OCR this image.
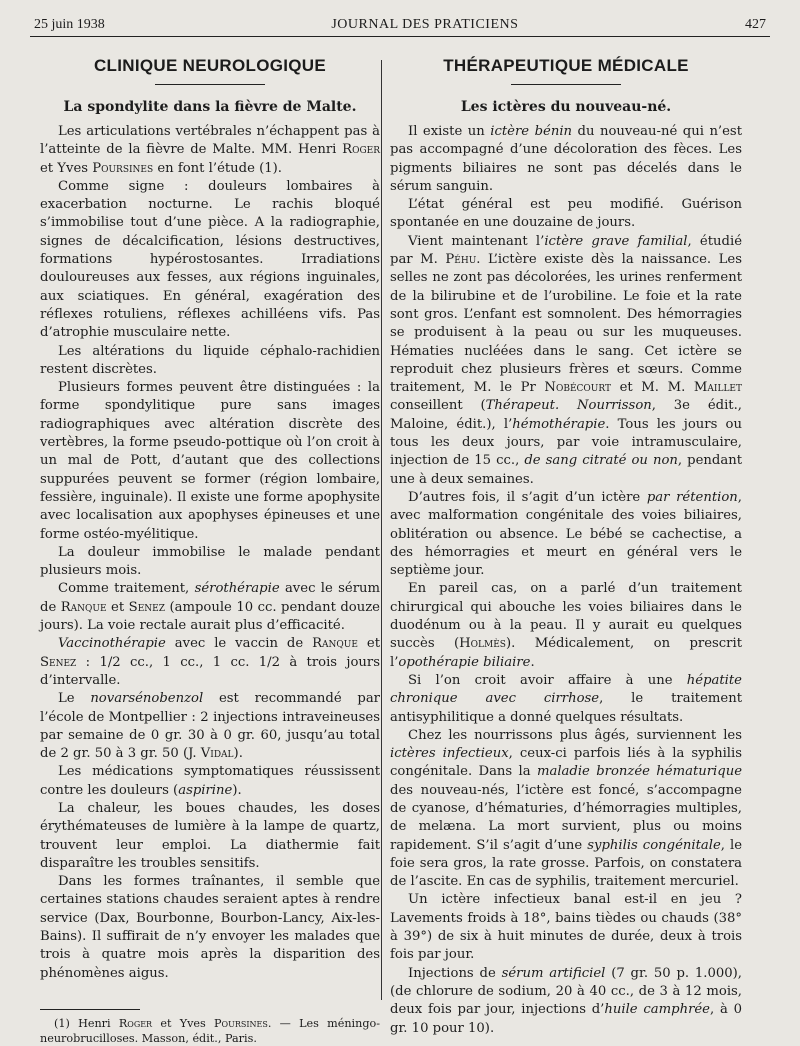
25 juin 1938	JOURNAL DES PRATICIENS	427
CLINIQUE NEUROLOGIQUE
La spondylite dans la fièvre de Malte.

Les articulations vertébrales n’échappent pas à l’atteinte de la fièvre de Malte. MM. Henri Roger et Yves Poursines en font l’étude (1).

Comme signe : douleurs lombaires à exacerbation nocturne. Le rachis bloqué s’immobilise tout d’une pièce. A la radiographie, signes de décalcification, lésions destructives, formations hypérostosantes. Irradiations douloureuses aux fesses, aux régions inguinales, aux sciatiques. En général, exagération des réflexes rotuliens, réflexes achilléens vifs. Pas d’atrophie musculaire nette.

Les altérations du liquide céphalo-rachidien restent discrètes.

Plusieurs formes peuvent être distinguées : la forme spondylitique pure sans images radiographiques avec altération discrète des vertèbres, la forme pseudo-pottique où l’on croit à un mal de Pott, d’autant que des collections suppurées peuvent se former (région lombaire, fessière, inguinale). Il existe une forme apophysite avec localisation aux apophyses épineuses et une forme ostéo-myélitique.

La douleur immobilise le malade pendant plusieurs mois.

Comme traitement, sérothérapie avec le sérum de Ranque et Senez (ampoule 10 cc. pendant douze jours). La voie rectale aurait plus d’efficacité.

Vaccinothérapie avec le vaccin de Ranque et Senez : 1/2 cc., 1 cc., 1 cc. 1/2 à trois jours d’intervalle.

Le novarsénobenzol est recommandé par l’école de Montpellier : 2 injections intraveineuses par semaine de 0 gr. 30 à 0 gr. 60, jusqu’au total de 2 gr. 50 à 3 gr. 50 (J. Vidal).

Les médications symptomatiques réussissent contre les douleurs (aspirine).

La chaleur, les boues chaudes, les doses érythémateuses de lumière à la lampe de quartz, trouvent leur emploi. La diathermie fait disparaître les troubles sensitifs.

Dans les formes traînantes, il semble que certaines stations chaudes seraient aptes à rendre service (Dax, Bourbonne, Bourbon-Lancy, Aix-les-Bains). Il suffirait de n’y envoyer les malades que trois à quatre mois après la disparition des phénomènes aigus.

(1) Henri Roger et Yves Poursines. — Les méningo-neurobrucilloses. Masson, édit., Paris.

THÉRAPEUTIQUE MÉDICALE
Les ictères du nouveau-né.

Il existe un ictère bénin du nouveau-né qui n’est pas accompagné d’une décoloration des fèces. Les pigments biliaires ne sont pas décelés dans le sérum sanguin.

L’état général est peu modifié. Guérison spontanée en une douzaine de jours.

Vient maintenant l’ictère grave familial, étudié par M. Péhu. L’ictère existe dès la naissance. Les selles ne zont pas décolorées, les urines renferment de la bilirubine et de l’urobiline. Le foie et la rate sont gros. L’enfant est somnolent. Des hémorragies se produisent à la peau ou sur les muqueuses. Hématies nucléées dans le sang. Cet ictère se reproduit chez plusieurs frères et sœurs. Comme traitement, M. le Pr Nobécourt et M. M. Maillet conseillent (Thérapeut. Nourrisson, 3e édit., Maloine, édit.), l’hémothérapie. Tous les jours ou tous les deux jours, par voie intramusculaire, injection de 15 cc., de sang citraté ou non, pendant une à deux semaines.

D’autres fois, il s’agit d’un ictère par rétention, avec malformation congénitale des voies biliaires, oblitération ou absence. Le bébé se cachectise, a des hémorragies et meurt en général vers le septième jour.

En pareil cas, on a parlé d’un traitement chirurgical qui abouche les voies biliaires dans le duodénum ou à la peau. Il y aurait eu quelques succès (Holmès). Médicalement, on prescrit l’opothérapie biliaire.

Si l’on croit avoir affaire à une hépatite chronique avec cirrhose, le traitement antisyphilitique a donné quelques résultats.

Chez les nourrissons plus âgés, surviennent les ictères infectieux, ceux-ci parfois liés à la syphilis congénitale. Dans la maladie bronzée hématurique des nouveau-nés, l’ictère est foncé, s’accompagne de cyanose, d’hématuries, d’hémorragies multiples, de melæna. La mort survient, plus ou moins rapidement. S’il s’agit d’une syphilis congénitale, le foie sera gros, la rate grosse. Parfois, on constatera de l’ascite. En cas de syphilis, traitement mercuriel.

Un ictère infectieux banal est-il en jeu ? Lavements froids à 18°, bains tièdes ou chauds (38° à 39°) de six à huit minutes de durée, deux à trois fois par jour.

Injections de sérum artificiel (7 gr. 50 p. 1.000), (de chlorure de sodium, 20 à 40 cc., de 3 à 12 mois, deux fois par jour, injections d’huile camphrée, à 0 gr. 10 pour 10).
